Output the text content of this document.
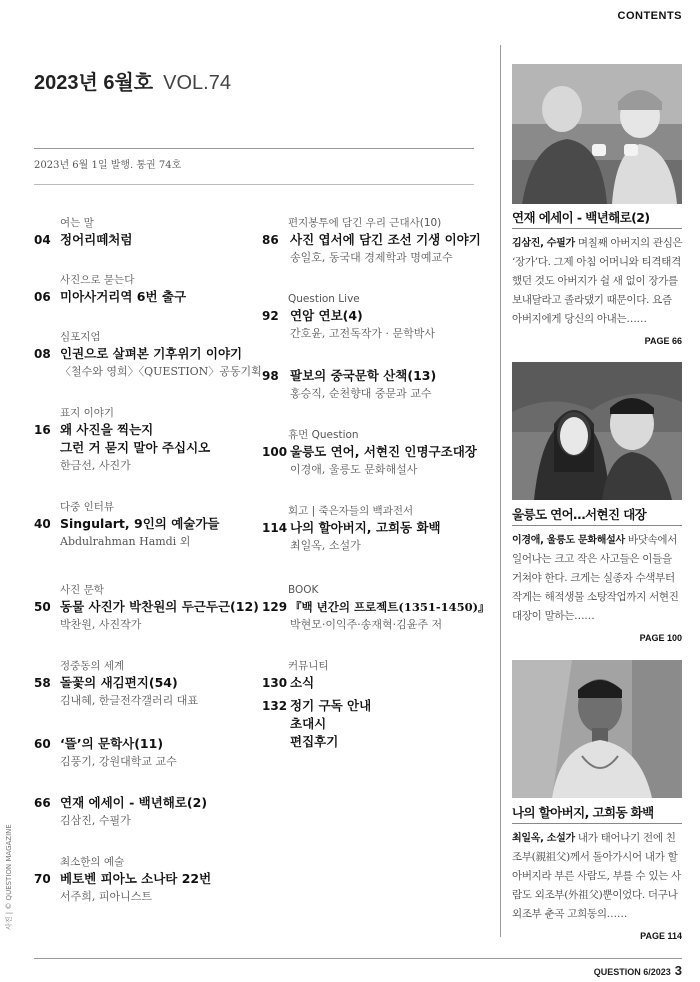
CONTENTS
2023년 6월호 VOL.74
2023년 6월 1일 발행. 통권 74호
여는 말
04 정어리떼처럼
사진으로 묻는다
06 미아사거리역 6번 출구
심포지엄
08 인권으로 살펴본 기후위기 이야기
〈철수와 영희〉〈QUESTION〉공동기획
표지 이야기
16 왜 사진을 찍는지
그런 거 묻지 말아 주십시오
한금선, 사진가
다중 인터뷰
40 Singulart, 9인의 예술가들
Abdulrahman Hamdi 외
사진 문학
50 동물 사진가 박찬원의 두근두근(12)
박찬원, 사진작가
정중동의 세계
58 돌꽃의 새김편지(54)
김내혜, 한글전각갤러리 대표
60 ‘뜰’의 문학사(11)
김풍기, 강원대학교 교수
66 연재 에세이 - 백년해로(2)
김삼진, 수필가
최소한의 예술
70 베토벤 피아노 소나타 22번
서주희, 피아니스트
편지봉투에 담긴 우리 근대사(10)
86 사진 엽서에 담긴 조선 기생 이야기
송일호, 동국대 경제학과 명예교수
Question Live
92 연암 연보(4)
간호윤, 고전독작가 · 문학박사
98 팔보의 중국문학 산책(13)
홍승직, 순천향대 중문과 교수
휴먼 Question
100 울릉도 연어, 서현진 인명구조대장
이경애, 울릉도 문화해설사
회고 | 죽은자들의 백과전서
114 나의 할아버지, 고희동 화백
최일옥, 소설가
BOOK
129 『백 년간의 프로젝트(1351-1450)』
박현모·이익주·송재혁·김윤주 저
커뮤니티
130 소식
132 정기 구독 안내
초대시
편집후기
연재 에세이 - 백년해로(2)
김삼진, 수필가 며칠째 아버지의 관심은 ‘장가’다. 그제 아침 어머니와 티격태격했던 것도 아버지가 쉴 새 없이 장가를 보내달라고 졸라댔기 때문이다. 요즘 아버지에게 당신의 아내는……
PAGE 66
울릉도 연어…서현진 대장
이경애, 울릉도 문화해설사 바닷속에서 일어나는 크고 작은 사고들은 이들을 거쳐야 한다. 크게는 실종자 수색부터 작게는 해적생물 소탕작업까지 서현진 대장이 말하는……
PAGE 100
나의 할아버지, 고희동 화백
최일옥, 소설가 내가 태어나기 전에 친조부(親祖父)께서 돌아가시어 내가 할아버지라 부른 사람도, 부를 수 있는 사람도 외조부(外祖父)뿐이었다. 더구나 외조부 춘곡 고희동의……
PAGE 114
사진 | © QUESTION MAGAZINE
QUESTION 6/2023 3
